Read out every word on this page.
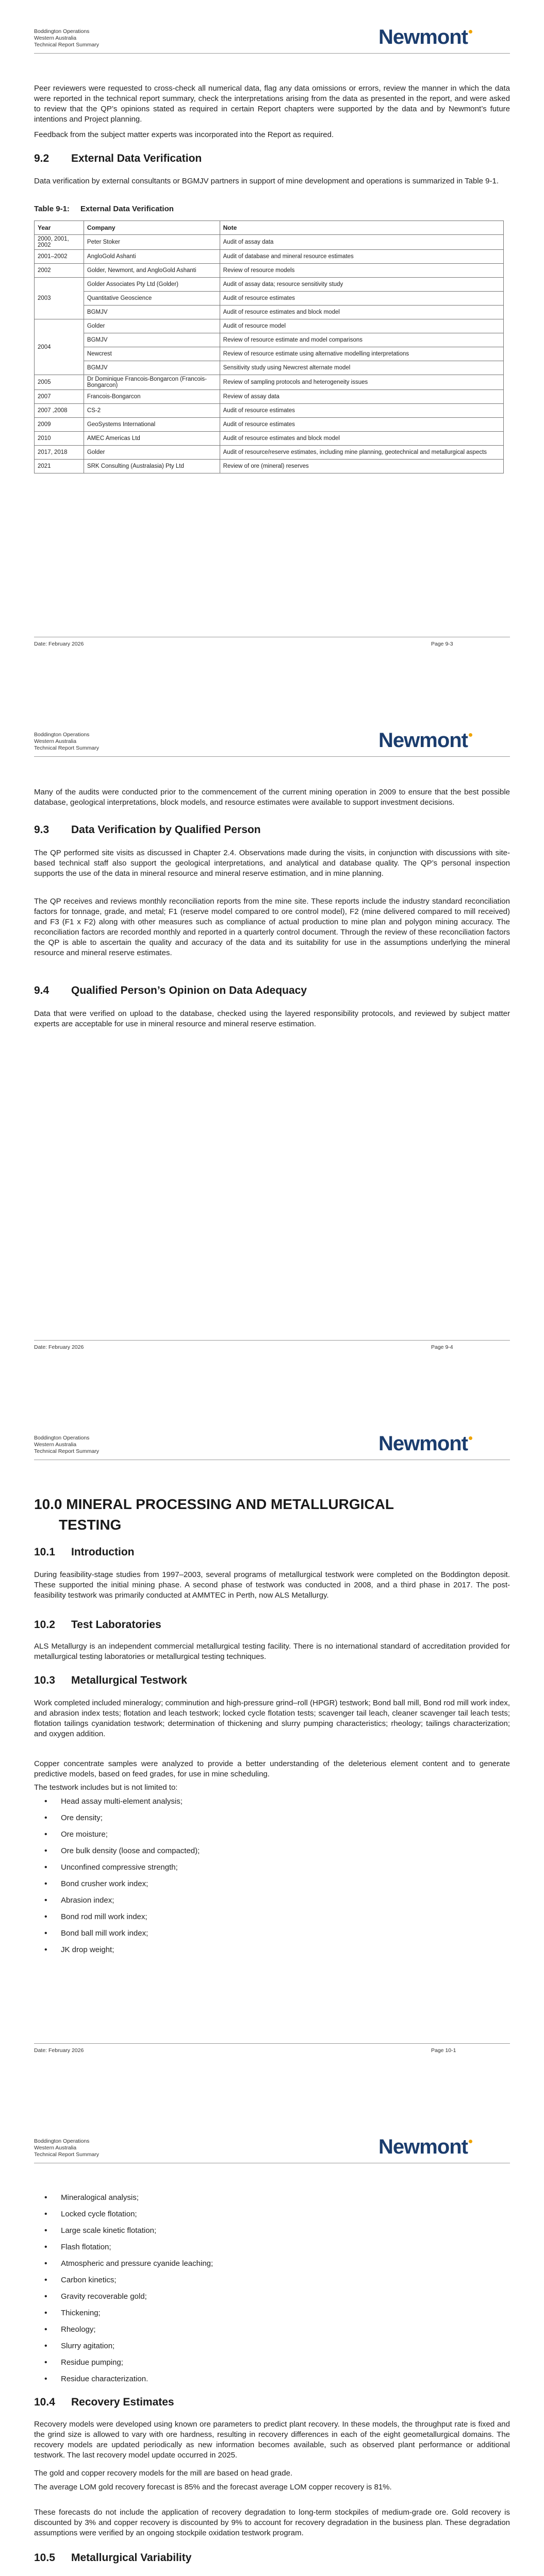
Boddington Operations
Western Australia
Technical Report Summary	Newmont

Peer reviewers were requested to cross-check all numerical data, flag any data omissions or errors, review the manner in which the data were reported in the technical report summary, check the interpretations arising from the data as presented in the report, and were asked to review that the QP’s opinions stated as required in certain Report chapters were supported by the data and by Newmont’s future intentions and Project planning.

Feedback from the subject matter experts was incorporated into the Report as required.

9.2 External Data Verification

Data verification by external consultants or BGMJV partners in support of mine development and operations is summarized in Table 9-1.

Table 9-1: External Data Verification
Year	Company	Note
2000, 2001, 2002	Peter Stoker	Audit of assay data
2001–2002	AngloGold Ashanti	Audit of database and mineral resource estimates
2002	Golder, Newmont, and AngloGold Ashanti	Review of resource models
2003	Golder Associates Pty Ltd (Golder)	Audit of assay data; resource sensitivity study
	Quantitative Geoscience	Audit of resource estimates
	BGMJV	Audit of resource estimates and block model
2004	Golder	Audit of resource model
	BGMJV	Review of resource estimate and model comparisons
	Newcrest	Review of resource estimate using alternative modelling interpretations
	BGMJV	Sensitivity study using Newcrest alternate model
2005	Dr Dominique Francois-Bongarcon (Francois-Bongarcon)	Review of sampling protocols and heterogeneity issues
2007	Francois-Bongarcon	Review of assay data
2007 ,2008	CS-2	Audit of resource estimates
2009	GeoSystems International	Audit of resource estimates
2010	AMEC Americas Ltd	Audit of resource estimates and block model
2017, 2018	Golder	Audit of resource/reserve estimates, including mine planning, geotechnical and metallurgical aspects
2021	SRK Consulting (Australasia) Pty Ltd	Review of ore (mineral) reserves
Date: February 2026	Page 9-3
Boddington Operations
Western Australia
Technical Report Summary	Newmont

Many of the audits were conducted prior to the commencement of the current mining operation in 2009 to ensure that the best possible database, geological interpretations, block models, and resource estimates were available to support investment decisions.

9.3 Data Verification by Qualified Person

The QP performed site visits as discussed in Chapter 2.4. Observations made during the visits, in conjunction with discussions with site-based technical staff also support the geological interpretations, and analytical and database quality. The QP’s personal inspection supports the use of the data in mineral resource and mineral reserve estimation, and in mine planning.

The QP receives and reviews monthly reconciliation reports from the mine site. These reports include the industry standard reconciliation factors for tonnage, grade, and metal; F1 (reserve model compared to ore control model), F2 (mine delivered compared to mill received) and F3 (F1 x F2) along with other measures such as compliance of actual production to mine plan and polygon mining accuracy. The reconciliation factors are recorded monthly and reported in a quarterly control document. Through the review of these reconciliation factors the QP is able to ascertain the quality and accuracy of the data and its suitability for use in the assumptions underlying the mineral resource and mineral reserve estimates.

9.4 Qualified Person’s Opinion on Data Adequacy

Data that were verified on upload to the database, checked using the layered responsibility protocols, and reviewed by subject matter experts are acceptable for use in mineral resource and mineral reserve estimation.

Date: February 2026	Page 9-4
Boddington Operations
Western Australia
Technical Report Summary	Newmont
10.0 MINERAL PROCESSING AND METALLURGICAL
TESTING
10.1 Introduction

During feasibility-stage studies from 1997–2003, several programs of metallurgical testwork were completed on the Boddington deposit. These supported the initial mining phase. A second phase of testwork was conducted in 2008, and a third phase in 2017. The post-feasibility testwork was primarily conducted at AMMTEC in Perth, now ALS Metallurgy.

10.2 Test Laboratories

ALS Metallurgy is an independent commercial metallurgical testing facility. There is no international standard of accreditation provided for metallurgical testing laboratories or metallurgical testing techniques.

10.3 Metallurgical Testwork

Work completed included mineralogy; comminution and high-pressure grind–roll (HPGR) testwork; Bond ball mill, Bond rod mill work index, and abrasion index tests; flotation and leach testwork; locked cycle flotation tests; scavenger tail leach, cleaner scavenger tail leach tests; flotation tailings cyanidation testwork; determination of thickening and slurry pumping characteristics; rheology; tailings characterization; and oxygen addition.

Copper concentrate samples were analyzed to provide a better understanding of the deleterious element content and to generate predictive models, based on feed grades, for use in mine scheduling.

The testwork includes but is not limited to:

• Head assay multi-element analysis;
• Ore density;
• Ore moisture;
• Ore bulk density (loose and compacted);
• Unconfined compressive strength;
• Bond crusher work index;
• Abrasion index;
• Bond rod mill work index;
• Bond ball mill work index;
• JK drop weight;
Date: February 2026	Page 10-1
Boddington Operations
Western Australia
Technical Report Summary	Newmont
• Mineralogical analysis;
• Locked cycle flotation;
• Large scale kinetic flotation;
• Flash flotation;
• Atmospheric and pressure cyanide leaching;
• Carbon kinetics;
• Gravity recoverable gold;
• Thickening;
• Rheology;
• Slurry agitation;
• Residue pumping;
• Residue characterization.
10.4 Recovery Estimates

Recovery models were developed using known ore parameters to predict plant recovery. In these models, the throughput rate is fixed and the grind size is allowed to vary with ore hardness, resulting in recovery differences in each of the eight geometallurgical domains. The recovery models are updated periodically as new information becomes available, such as observed plant performance or additional testwork. The last recovery model update occurred in 2025.

The gold and copper recovery models for the mill are based on head grade.

The average LOM gold recovery forecast is 85% and the forecast average LOM copper recovery is 81%.

These forecasts do not include the application of recovery degradation to long-term stockpiles of medium-grade ore. Gold recovery is discounted by 3% and copper recovery is discounted by 9% to account for recovery degradation in the business plan. These degradation assumptions were verified by an ongoing stockpile oxidation testwork program.

10.5 Metallurgical Variability
